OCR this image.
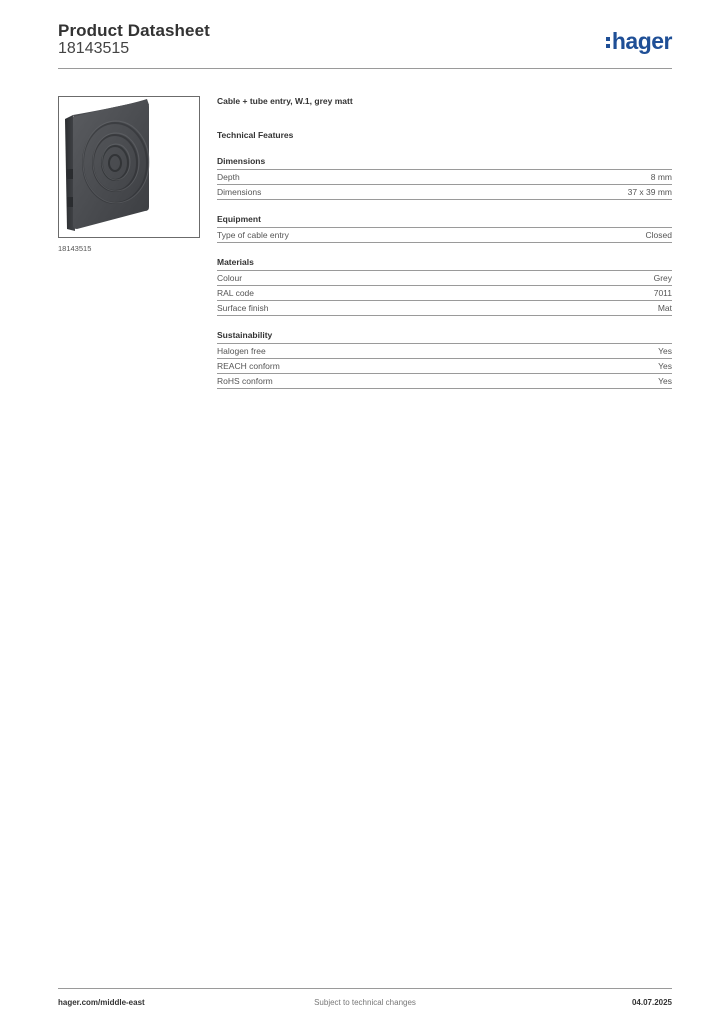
Product Datasheet
18143515	hager
18143515
Cable + tube entry, W.1, grey matt
Technical Features
Dimensions
Depth	8 mm
Dimensions	37 x 39 mm
Equipment
Type of cable entry	Closed
Materials
Colour	Grey
RAL code	7011
Surface finish	Mat
Sustainability
Halogen free	Yes
REACH conform	Yes
RoHS conform	Yes
hager.com/middle-east	Subject to technical changes	04.07.2025
